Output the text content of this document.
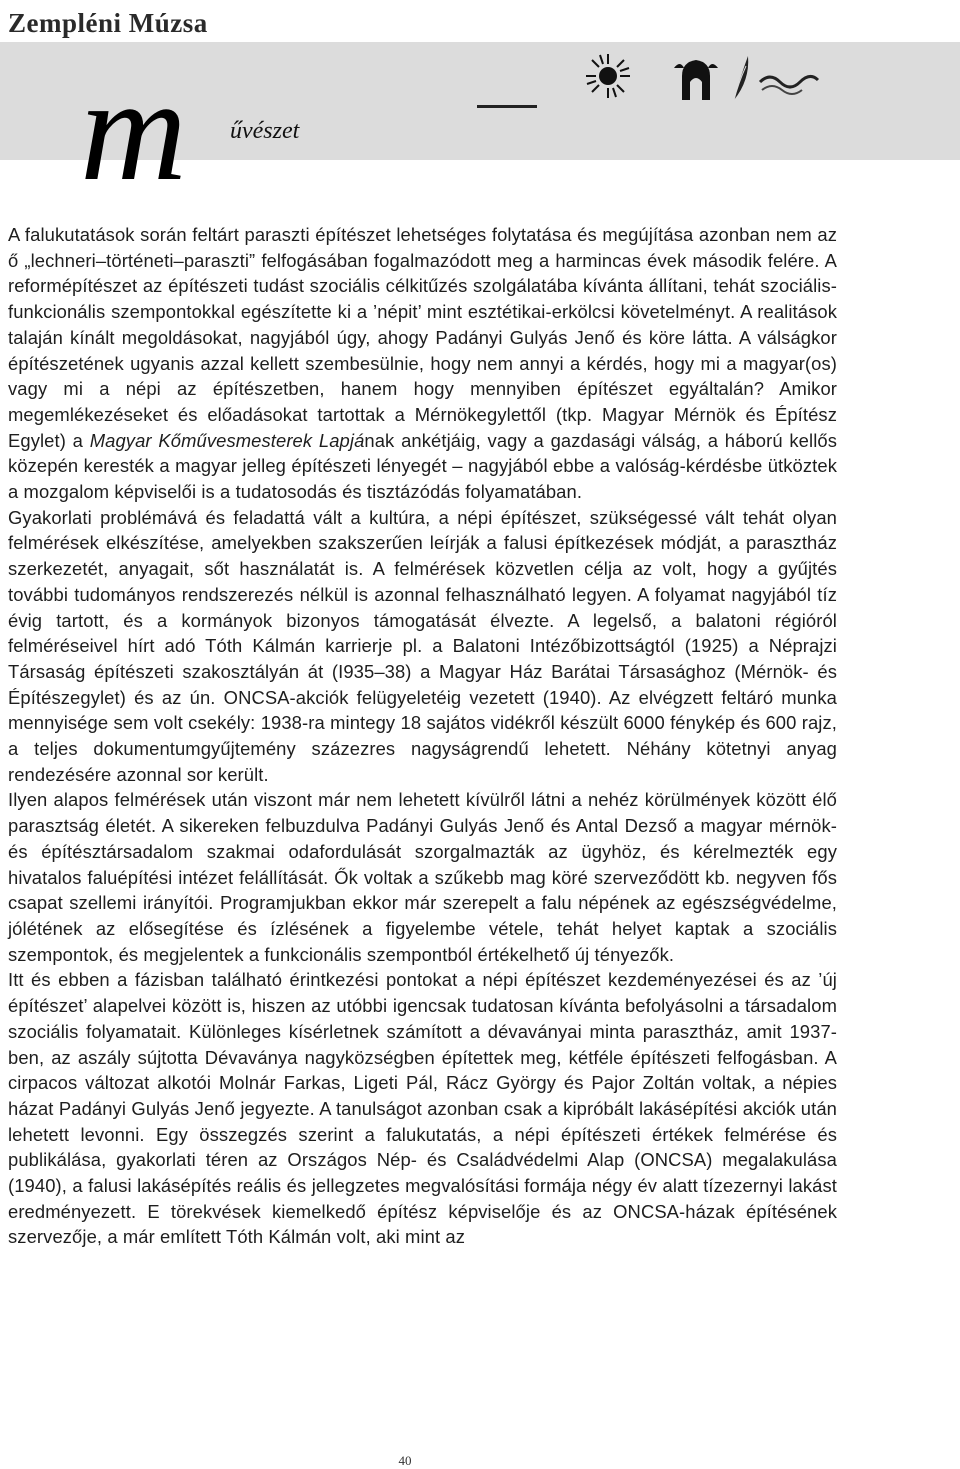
Zempléni Múzsa
m űvészet

A falukutatások során feltárt paraszti építészet lehetséges folytatása és megújítása azonban nem az ő „lechneri–történeti–paraszti” felfogásában fogalmazódott meg a harmincas évek második felére. A reformépítészet az építészeti tudást szociális célkitűzés szolgálatába kívánta állítani, tehát szociális-funkcionális szempontokkal egészítette ki a ’népit’ mint esztétikai-erkölcsi követelményt. A realitások talaján kínált megoldásokat, nagyjából úgy, ahogy Padányi Gulyás Jenő és köre látta. A válságkor építészetének ugyanis azzal kellett szembesülnie, hogy nem annyi a kérdés, hogy mi a magyar(os) vagy mi a népi az építészetben, hanem hogy mennyiben építészet egyáltalán? Amikor megemlékezéseket és előadásokat tartottak a Mérnökegylettől (tkp. Magyar Mérnök és Építész Egylet) a Magyar Kőművesmesterek Lapjának ankétjáig, vagy a gazdasági válság, a háború kellős közepén keresték a magyar jelleg építészeti lényegét – nagyjából ebbe a valóság-kérdésbe ütköztek a mozgalom képviselői is a tudatosodás és tisztázódás folyamatában.

Gyakorlati problémává és feladattá vált a kultúra, a népi építészet, szükségessé vált tehát olyan felmérések elkészítése, amelyekben szakszerűen leírják a falusi építkezések módját, a parasztház szerkezetét, anyagait, sőt használatát is. A felmérések közvetlen célja az volt, hogy a gyűjtés további tudományos rendszerezés nélkül is azonnal felhasználható legyen. A folyamat nagyjából tíz évig tartott, és a kormányok bizonyos támogatását élvezte. A legelső, a balatoni régióról felméréseivel hírt adó Tóth Kálmán karrierje pl. a Balatoni Intézőbizottságtól (1925) a Néprajzi Társaság építészeti szakosztályán át (I935–38) a Magyar Ház Barátai Társasághoz (Mérnök- és Építészegylet) és az ún. ONCSA-akciók felügyeletéig vezetett (1940). Az elvégzett feltáró munka mennyisége sem volt csekély: 1938-ra mintegy 18 sajátos vidékről készült 6000 fénykép és 600 rajz, a teljes dokumentumgyűjtemény százezres nagyságrendű lehetett. Néhány kötetnyi anyag rendezésére azonnal sor került.

Ilyen alapos felmérések után viszont már nem lehetett kívülről látni a nehéz körülmények között élő parasztság életét. A sikereken felbuzdulva Padányi Gulyás Jenő és Antal Dezső a magyar mérnök- és építésztársadalom szakmai odafordulását szorgalmazták az ügyhöz, és kérelmezték egy hivatalos faluépítési intézet felállítását. Ők voltak a szűkebb mag köré szerveződött kb. negyven fős csapat szellemi irányítói. Programjukban ekkor már szerepelt a falu népének az egészségvédelme, jólétének az elősegítése és ízlésének a figyelembe vétele, tehát helyet kaptak a szociális szempontok, és megjelentek a funkcionális szempontból értékelhető új tényezők.

Itt és ebben a fázisban található érintkezési pontokat a népi építészet kezdeményezései és az ’új építészet’ alapelvei között is, hiszen az utóbbi igencsak tudatosan kívánta befolyásolni a társadalom szociális folyamatait. Különleges kísérletnek számított a dévaványai minta parasztház, amit 1937-ben, az aszály sújtotta Dévaványa nagyközségben építettek meg, kétféle építészeti felfogásban. A cirpacos változat alkotói Molnár Farkas, Ligeti Pál, Rácz György és Pajor Zoltán voltak, a népies házat Padányi Gulyás Jenő jegyezte. A tanulságot azonban csak a kipróbált lakásépítési akciók után lehetett levonni. Egy összegzés szerint a falukutatás, a népi építészeti értékek felmérése és publikálása, gyakorlati téren az Országos Nép- és Családvédelmi Alap (ONCSA) megalakulása (1940), a falusi lakásépítés reális és jellegzetes megvalósítási formája négy év alatt tízezernyi lakást eredményezett. E törekvések kiemelkedő építész képviselője és az ONCSA-házak építésének szervezője, a már említett Tóth Kálmán volt, aki mint az

40
